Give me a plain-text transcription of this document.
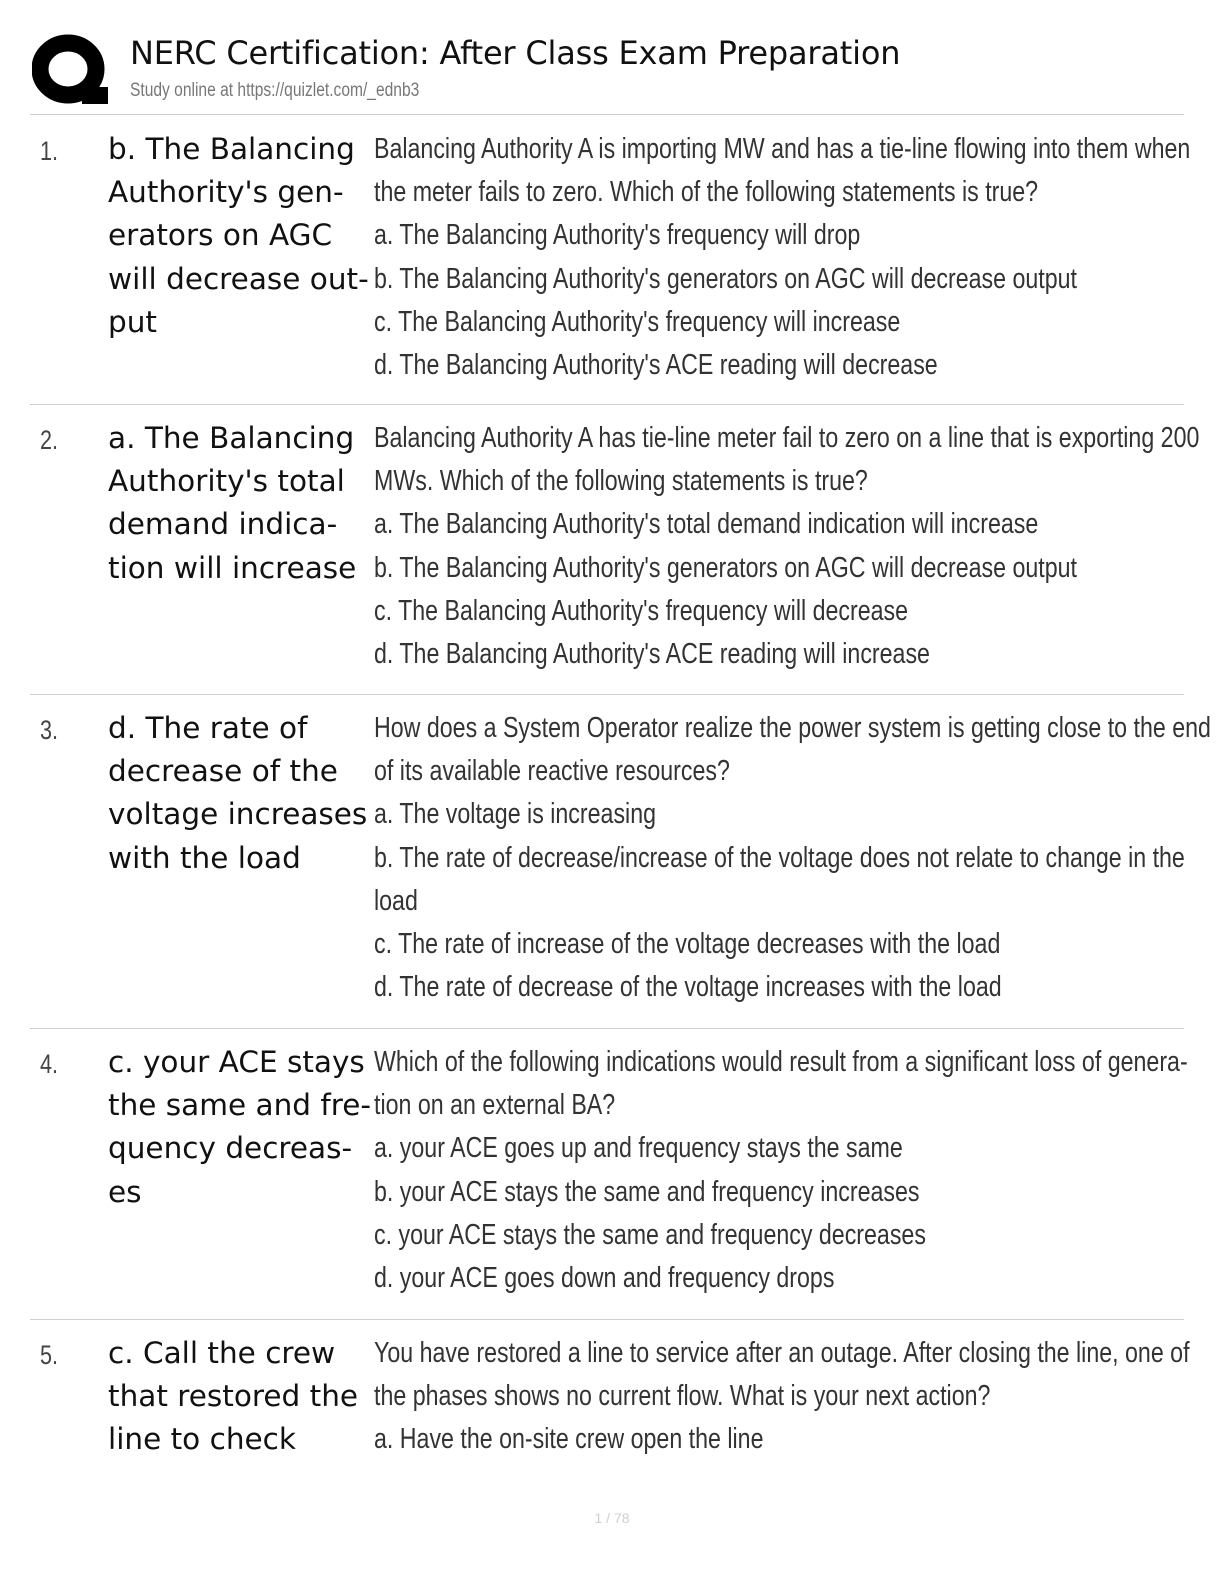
NERC Certification: After Class Exam Preparation
Study online at https://quizlet.com/_ednb3
1. b. The Balancing
Authority's gen-
erators on AGC
will decrease out-
put
Balancing Authority A is importing MW and has a tie-line flowing into them when
the meter fails to zero. Which of the following statements is true?
a. The Balancing Authority's frequency will drop
b. The Balancing Authority's generators on AGC will decrease output
c. The Balancing Authority's frequency will increase
d. The Balancing Authority's ACE reading will decrease
2. a. The Balancing
Authority's total
demand indica-
tion will increase
Balancing Authority A has tie-line meter fail to zero on a line that is exporting 200
MWs. Which of the following statements is true?
a. The Balancing Authority's total demand indication will increase
b. The Balancing Authority's generators on AGC will decrease output
c. The Balancing Authority's frequency will decrease
d. The Balancing Authority's ACE reading will increase
3. d. The rate of
decrease of the
voltage increases
with the load
How does a System Operator realize the power system is getting close to the end
of its available reactive resources?
a. The voltage is increasing
b. The rate of decrease/increase of the voltage does not relate to change in the
load
c. The rate of increase of the voltage decreases with the load
d. The rate of decrease of the voltage increases with the load
4. c. your ACE stays
the same and fre-
quency decreas-
es
Which of the following indications would result from a significant loss of genera-
tion on an external BA?
a. your ACE goes up and frequency stays the same
b. your ACE stays the same and frequency increases
c. your ACE stays the same and frequency decreases
d. your ACE goes down and frequency drops
5. c. Call the crew
that restored the
line to check
You have restored a line to service after an outage. After closing the line, one of
the phases shows no current flow. What is your next action?
a. Have the on-site crew open the line
1 / 78
